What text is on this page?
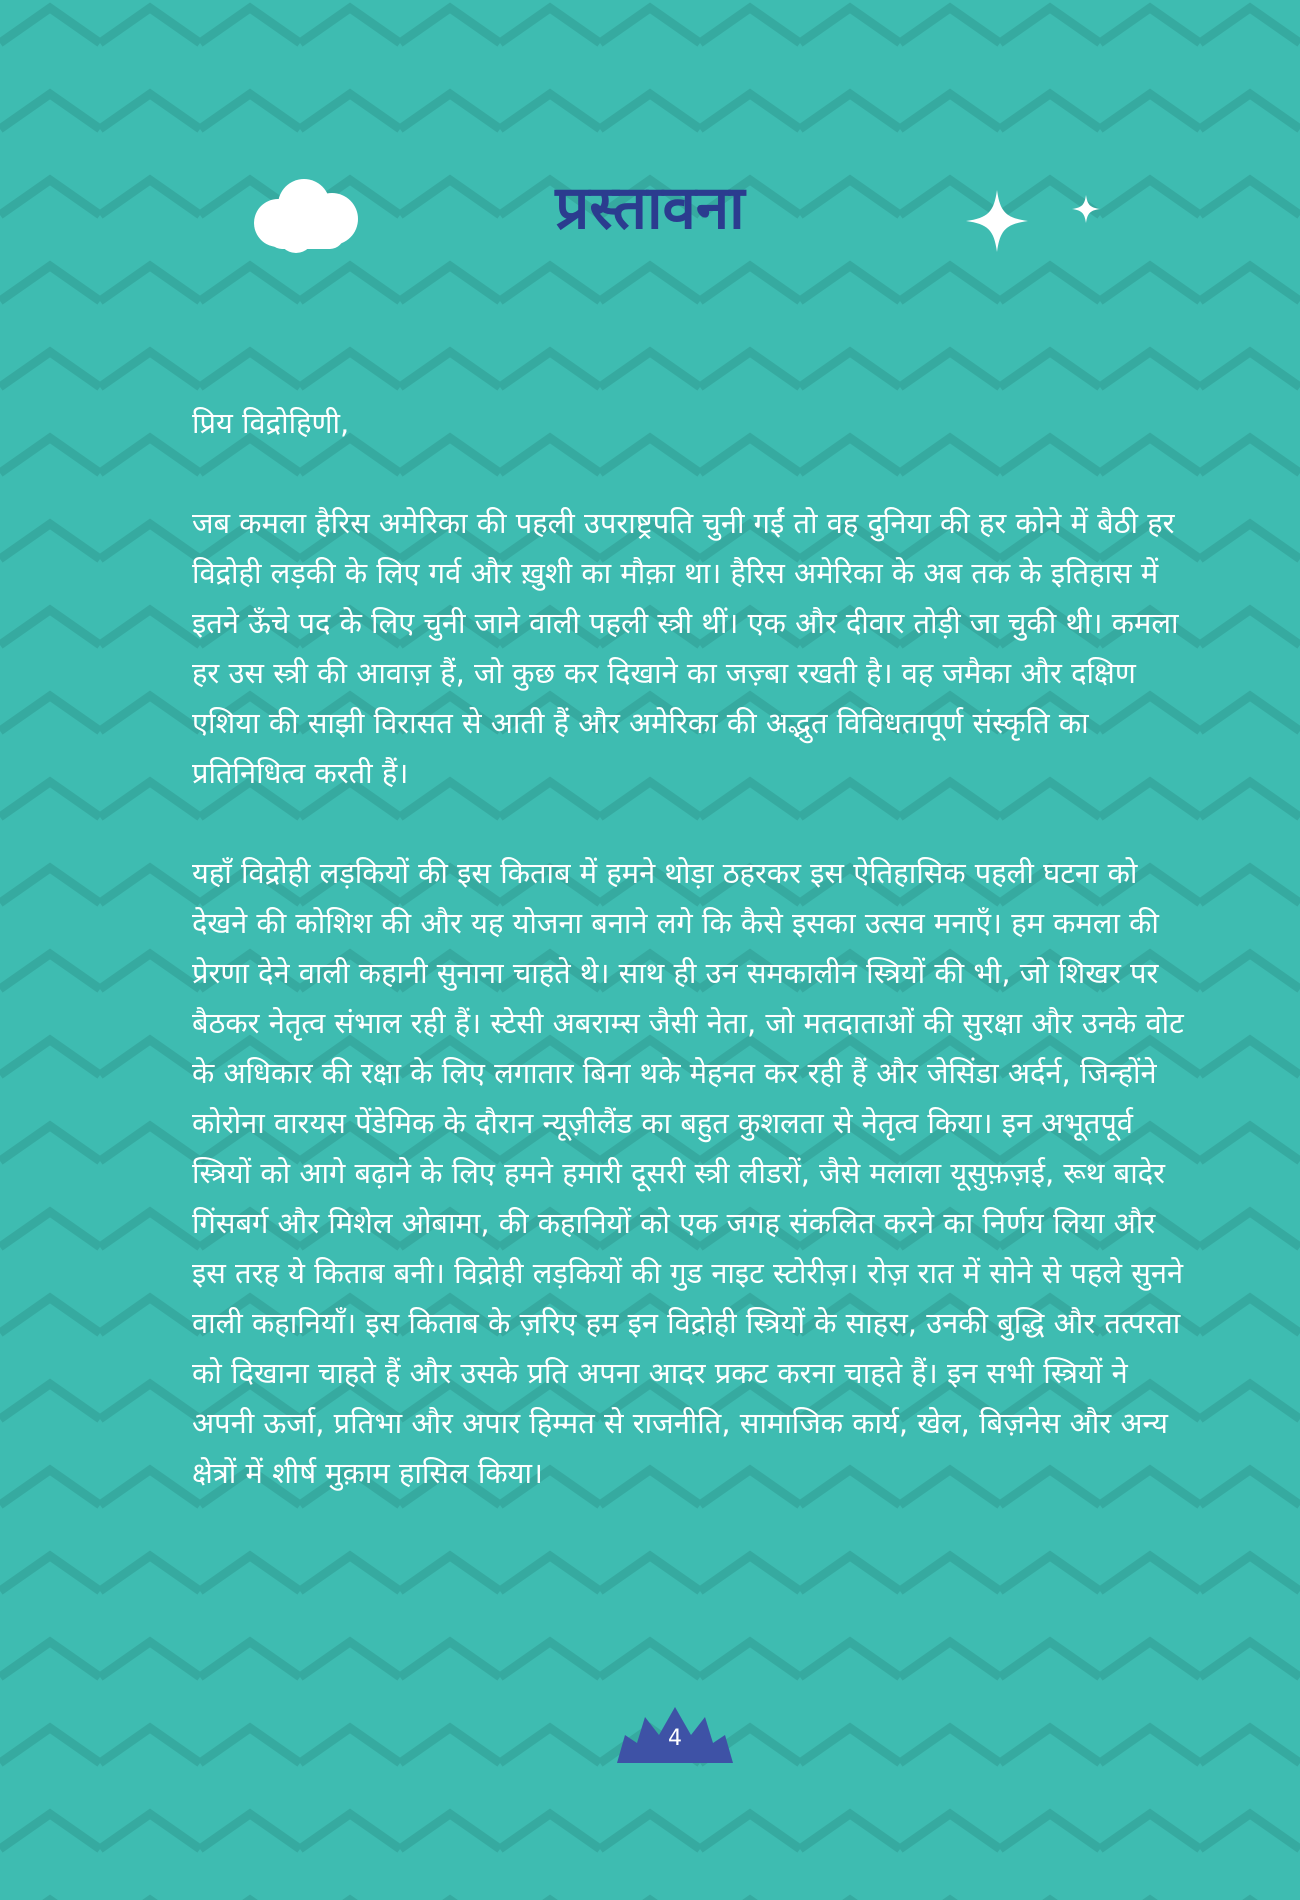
प्रस्तावना

प्रिय विद्रोहिणी,

जब कमला हैरिस अमेरिका की पहली उपराष्ट्रपति चुनी गईं तो वह दुनिया की हर कोने में बैठी हर विद्रोही लड़की के लिए गर्व और ख़ुशी का मौक़ा था। हैरिस अमेरिका के अब तक के इतिहास में इतने ऊँचे पद के लिए चुनी जाने वाली पहली स्त्री थीं। एक और दीवार तोड़ी जा चुकी थी। कमला हर उस स्त्री की आवाज़ हैं, जो कुछ कर दिखाने का जज़्बा रखती है। वह जमैका और दक्षिण एशिया की साझी विरासत से आती हैं और अमेरिका की अद्भुत विविधतापूर्ण संस्कृति का प्रतिनिधित्व करती हैं।

यहाँ विद्रोही लड़कियों की इस किताब में हमने थोड़ा ठहरकर इस ऐतिहासिक पहली घटना को देखने की कोशिश की और यह योजना बनाने लगे कि कैसे इसका उत्सव मनाएँ। हम कमला की प्रेरणा देने वाली कहानी सुनाना चाहते थे। साथ ही उन समकालीन स्त्रियों की भी, जो शिखर पर बैठकर नेतृत्व संभाल रही हैं। स्टेसी अबराम्स जैसी नेता, जो मतदाताओं की सुरक्षा और उनके वोट के अधिकार की रक्षा के लिए लगातार बिना थके मेहनत कर रही हैं और जेसिंडा अर्दर्न, जिन्होंने कोरोना वारयस पेंडेमिक के दौरान न्यूज़ीलैंड का बहुत कुशलता से नेतृत्व किया। इन अभूतपूर्व स्त्रियों को आगे बढ़ाने के लिए हमने हमारी दूसरी स्त्री लीडरों, जैसे मलाला यूसुफ़ज़ई, रूथ बादेर गिंसबर्ग और मिशेल ओबामा, की कहानियों को एक जगह संकलित करने का निर्णय लिया और इस तरह ये किताब बनी। विद्रोही लड़कियों की गुड नाइट स्टोरीज़। रोज़ रात में सोने से पहले सुनने वाली कहानियाँ। इस किताब के ज़रिए हम इन विद्रोही स्त्रियों के साहस, उनकी बुद्धि और तत्परता को दिखाना चाहते हैं और उसके प्रति अपना आदर प्रकट करना चाहते हैं। इन सभी स्त्रियों ने अपनी ऊर्जा, प्रतिभा और अपार हिम्मत से राजनीति, सामाजिक कार्य, खेल, बिज़नेस और अन्य क्षेत्रों में शीर्ष मुक़ाम हासिल किया।

4
